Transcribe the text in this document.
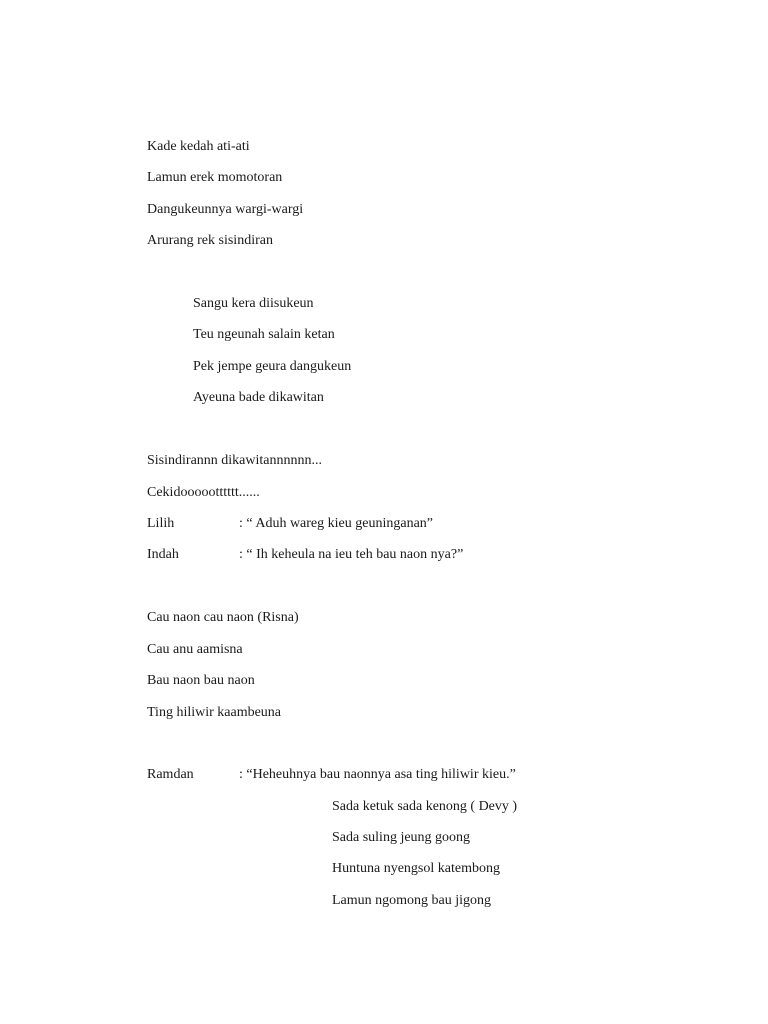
Kade kedah ati-ati
Lamun erek momotoran
Dangukeunnya wargi-wargi
Arurang rek sisindiran
Sangu kera diisukeun
Teu ngeunah salain ketan
Pek jempe geura dangukeun
Ayeuna bade dikawitan
Sisindirannn dikawitannnnnn...
Cekidoooootttttt......
Lilih	: “ Aduh wareg kieu geuninganan”
Indah	: “ Ih keheula na ieu teh bau naon nya?”
Cau naon cau naon (Risna)
Cau anu aamisna
Bau naon bau naon
Ting hiliwir kaambeuna
Ramdan	: “Heheuhnya bau naonnya asa ting hiliwir kieu.”
Sada ketuk sada kenong ( Devy )
Sada suling jeung goong
Huntuna nyengsol katembong
Lamun ngomong bau jigong
